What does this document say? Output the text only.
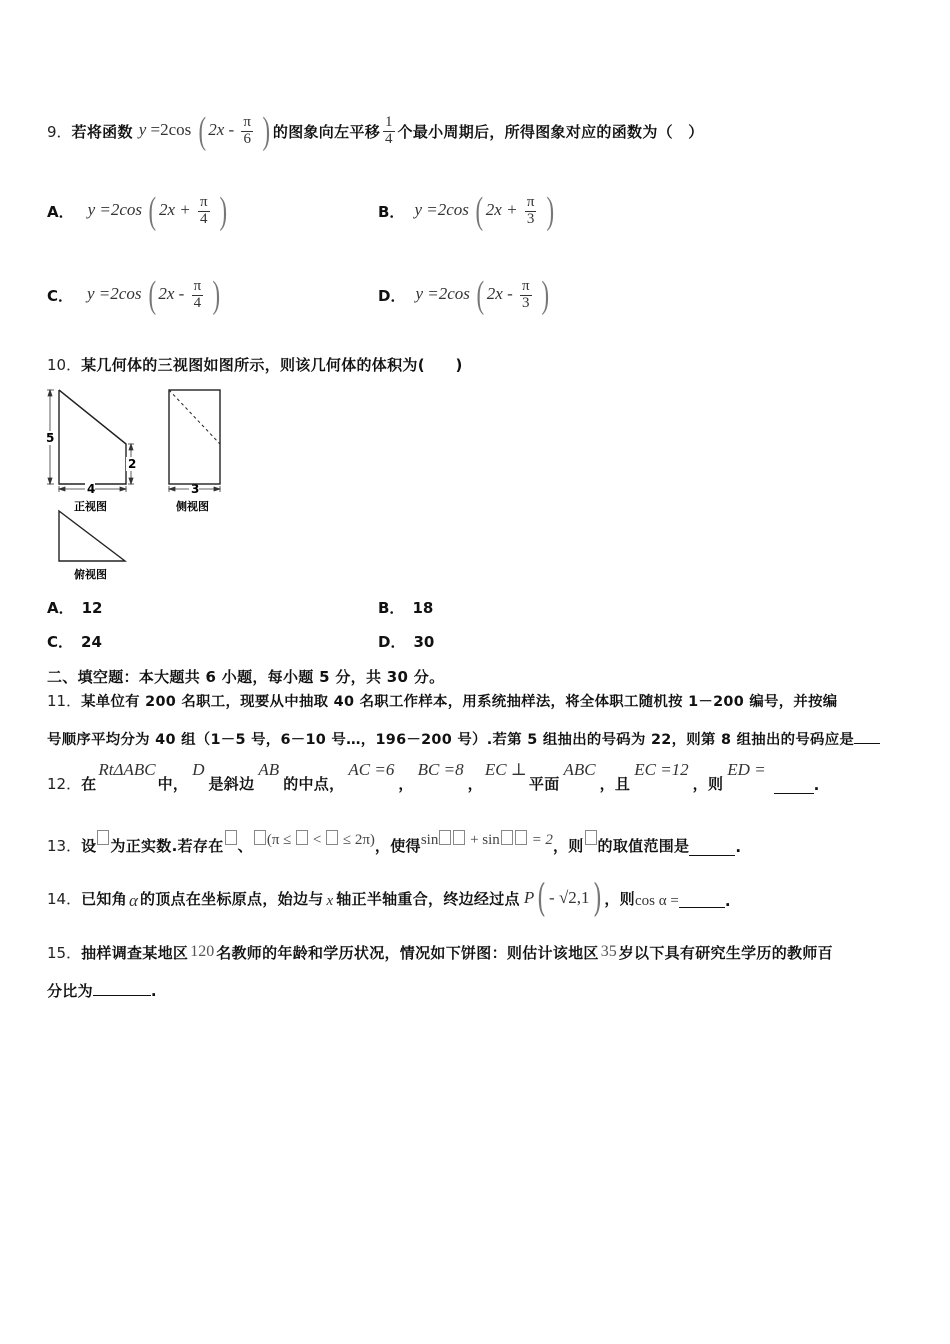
9． 若将函数 y =2cos ( $2x - \frac{\pi}{6}$ ) 的图象向左平移 $\frac{1}{4}$ 个最小周期后，所得图象对应的函数为（　）
A． y =2cos ( $2x + \frac{\pi}{4}$ )	B． y =2cos ( $2x + \frac{\pi}{3}$ )
C． y =2cos ( $2x - \frac{\pi}{4}$ )	D． y =2cos ( $2x - \frac{\pi}{3}$ )
10．某几何体的三视图如图所示，则该几何体的体积为(　　)
5
4
2
3
正视图	侧视图
俯视图
A． 12	B． 18
C． 24	D． 30
二、填空题：本大题共 6 小题，每小题 5 分，共 30 分。
11．某单位有 200 名职工，现要从中抽取 40 名职工作样本，用系统抽样法，将全体职工随机按 1－200 编号，并按编
号顺序平均分为 40 组（1－5 号，6－10 号…，196－200 号）.若第 5 组抽出的号码为 22，则第 8 组抽出的号码应是
12． 在
RtΔABC
中，
D
是斜边
AB
的中点，
AC =6
，
BC =8
，
EC ⊥
平面
ABC
，且
EC =12
，则
ED =
.
13． 设 为正实数.若存在 、 (π ≤ < ≤ 2π) ，使得 sin + sin = 2 ，则 的取值范围是	.
14． 已知角 α 的顶点在坐标原点，始边与 x 轴正半轴重合，终边经过点 P ( - √2,1 ) ，则 cos α =	.
15． 抽样调查某地区 120 名教师的年龄和学历状况，情况如下饼图：则估计该地区 35 岁以下具有研究生学历的教师百
分比为	.
